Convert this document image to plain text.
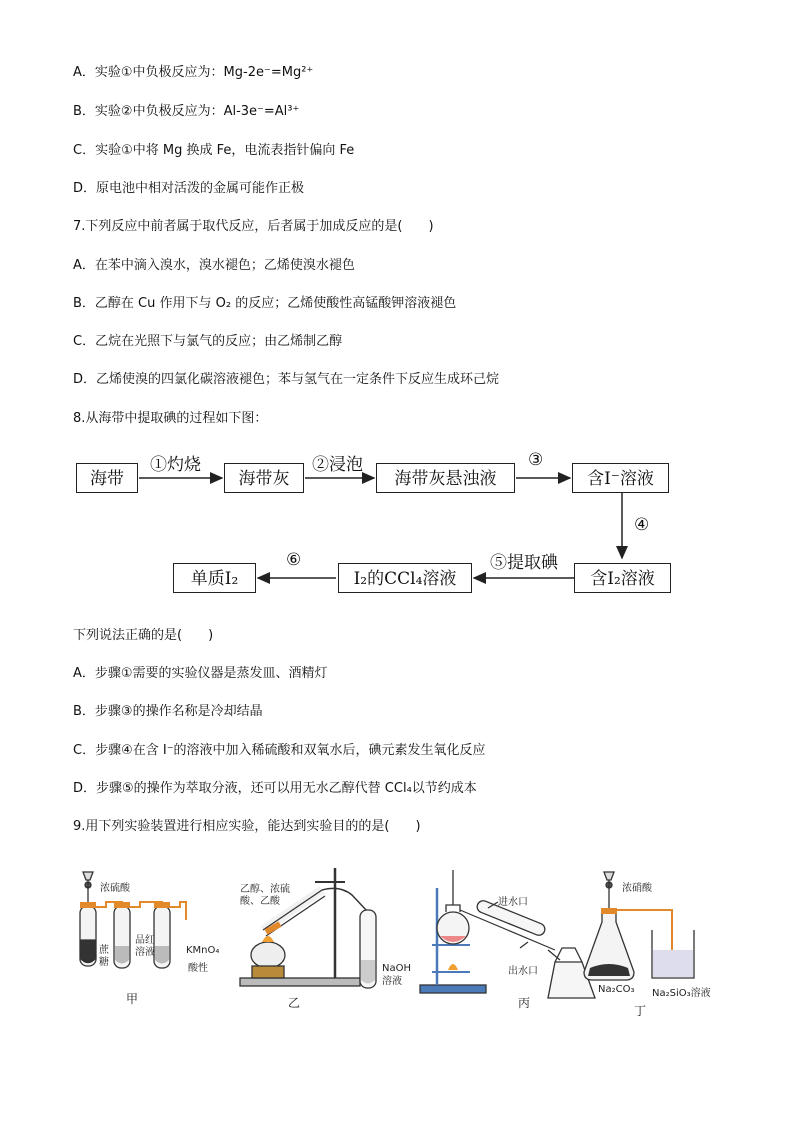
A．实验①中负极反应为：Mg-2e⁻=Mg²⁺
B．实验②中负极反应为：Al-3e⁻=Al³⁺
C．实验①中将 Mg 换成 Fe，电流表指针偏向 Fe
D．原电池中相对活泼的金属可能作正极
7.下列反应中前者属于取代反应，后者属于加成反应的是(　　)
A．在苯中滴入溴水，溴水褪色；乙烯使溴水褪色
B．乙醇在 Cu 作用下与 O₂ 的反应；乙烯使酸性高锰酸钾溶液褪色
C．乙烷在光照下与氯气的反应；由乙烯制乙醇
D．乙烯使溴的四氯化碳溶液褪色；苯与氢气在一定条件下反应生成环己烷
8.从海带中提取碘的过程如下图：
海带	海带灰	海带灰悬浊液	含I⁻溶液
含I₂溶液
I₂的CCl₄溶液
单质I₂
①灼烧	②浸泡	③
④
⑤提取碘
⑥
下列说法正确的是(　　)
A．步骤①需要的实验仪器是蒸发皿、酒精灯
B．步骤③的操作名称是冷却结晶
C．步骤④在含 I⁻的溶液中加入稀硫酸和双氧水后，碘元素发生氧化反应
D．步骤⑤的操作为萃取分液，还可以用无水乙醇代替 CCl₄以节约成本
9.用下列实验装置进行相应实验，能达到实验目的的是(　　)
浓硫酸
蔗糖
品红溶液	KMnO₄
酸性
甲
乙醇、浓硫酸、乙酸
NaOH溶液
乙
进水口
出水口
丙
浓硝酸
Na₂CO₃ Na₂SiO₃溶液
丁
